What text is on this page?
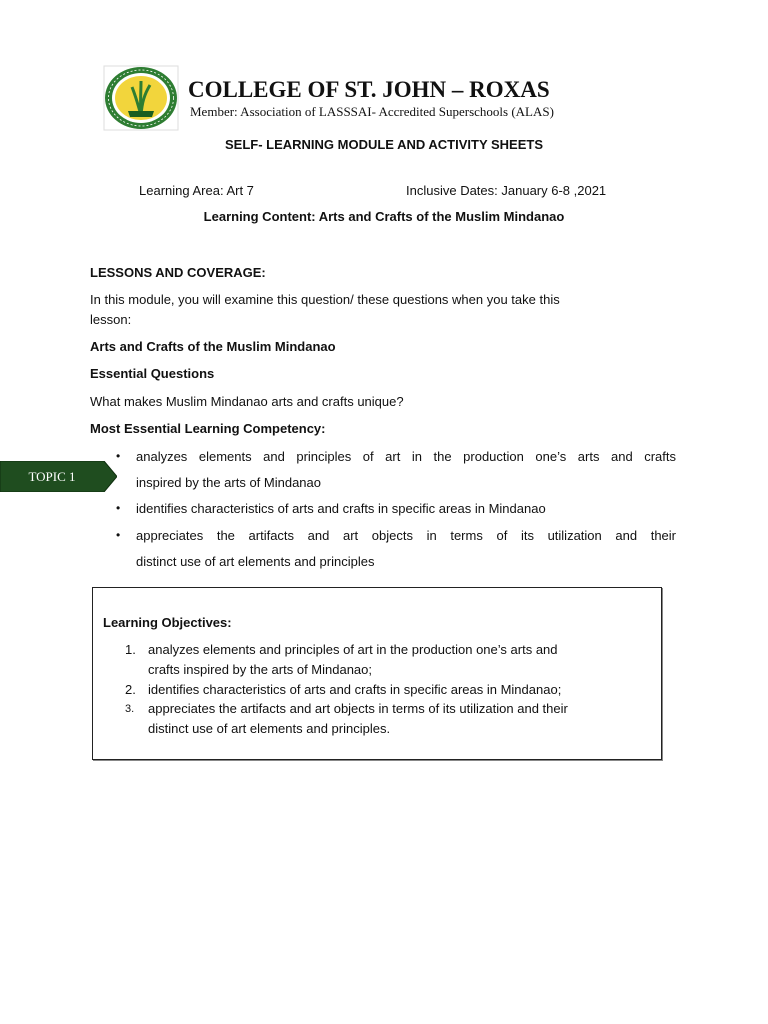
COLLEGE OF ST. JOHN – ROXAS
Member: Association of LASSSAI- Accredited Superschools (ALAS)
SELF- LEARNING MODULE AND ACTIVITY SHEETS
Learning Area: Art 7	Inclusive Dates: January 6-8 ,2021
Learning Content: Arts and Crafts of the Muslim Mindanao
LESSONS AND COVERAGE:
In this module, you will examine this question/ these questions when you take this
lesson:
Arts and Crafts of the Muslim Mindanao
Essential Questions
What makes Muslim Mindanao arts and crafts unique?
Most Essential Learning Competency:
• analyzes elements and principles of art in the production one’s arts and crafts
inspired by the arts of Mindanao
• identifies characteristics of arts and crafts in specific areas in Mindanao
• appreciates the artifacts and art objects in terms of its utilization and their
distinct use of art elements and principles
TOPIC 1
Learning Objectives:
1. analyzes elements and principles of art in the production one’s arts and
crafts inspired by the arts of Mindanao;
2. identifies characteristics of arts and crafts in specific areas in Mindanao;
3. appreciates the artifacts and art objects in terms of its utilization and their
distinct use of art elements and principles.
